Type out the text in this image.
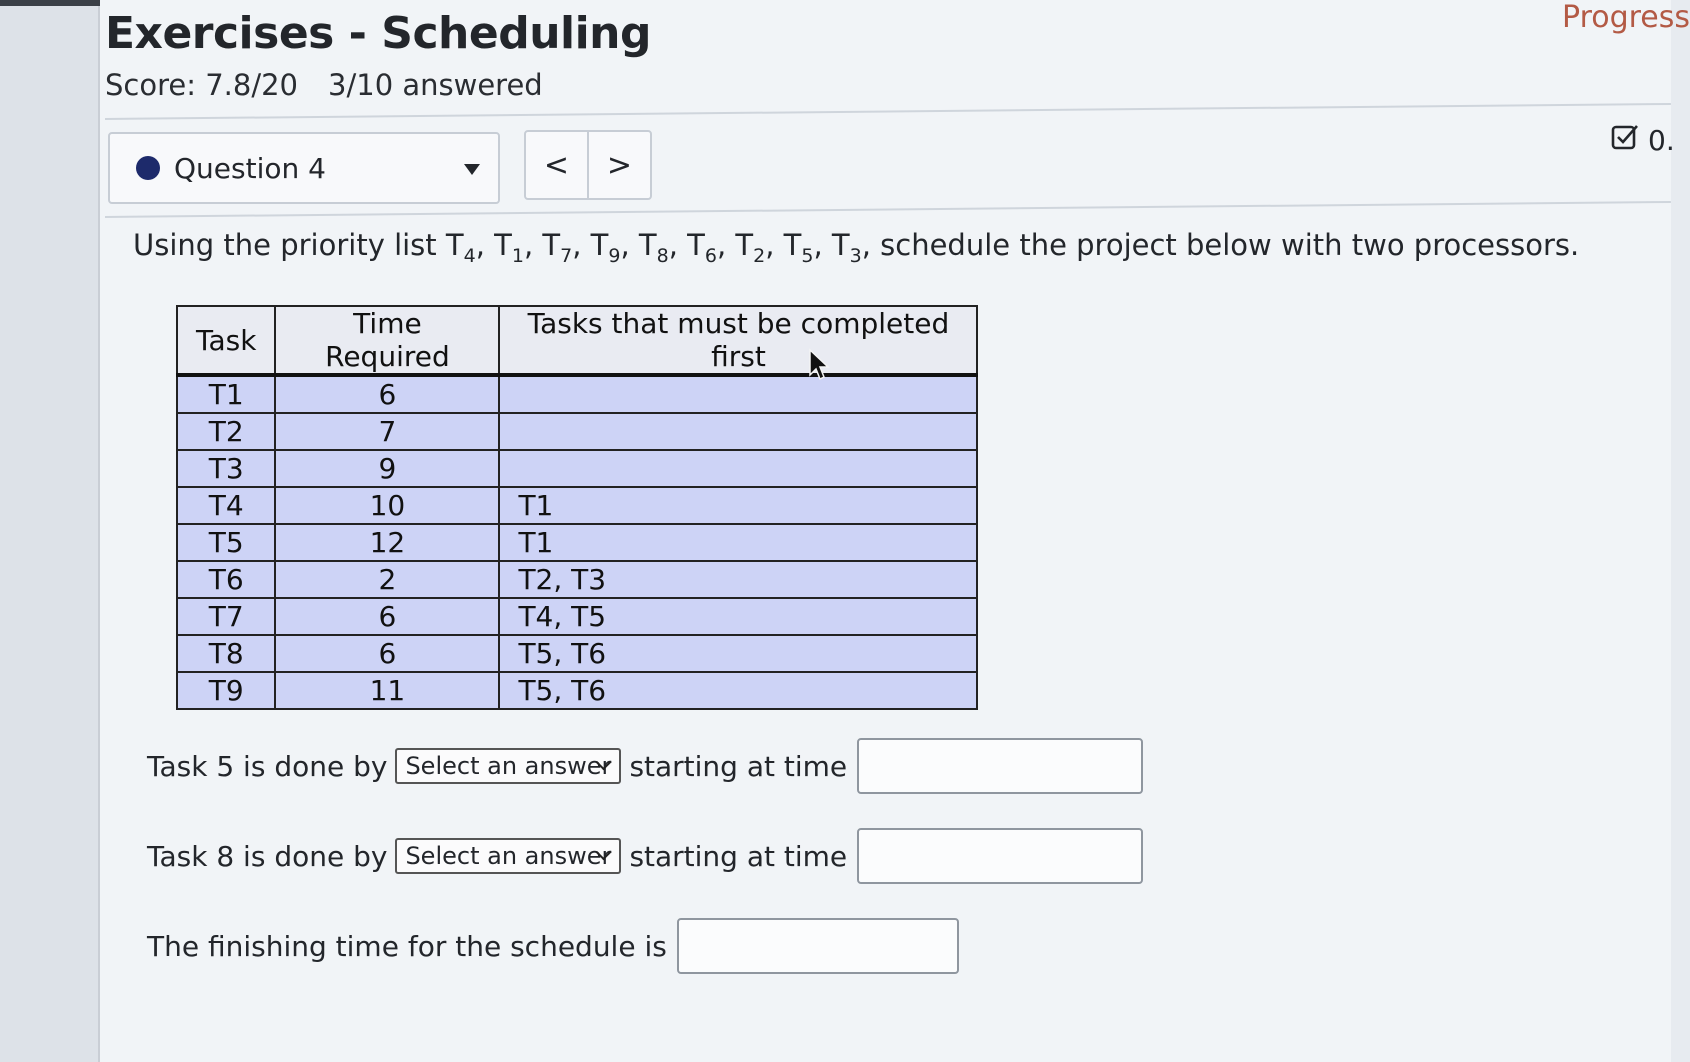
Exercises - Scheduling
Score: 7.8/20 3/10 answered
Progress
Question 4	< >
0.

Using the priority list $T_4$, $T_1$, $T_7$, $T_9$, $T_8$, $T_6$, $T_2$, $T_5$, $T_3$, schedule the project below with two processors.

Task	Time Required	Tasks that must be completed first
T1	6	
T2	7	
T3	9	
T4	10	T1
T5	12	T1
T6	2	T2, T3
T7	6	T4, T5
T8	6	T5, T6
T9	11	T5, T6
Task 5 is done by Select an answer starting at time
Task 8 is done by Select an answer starting at time
The finishing time for the schedule is
